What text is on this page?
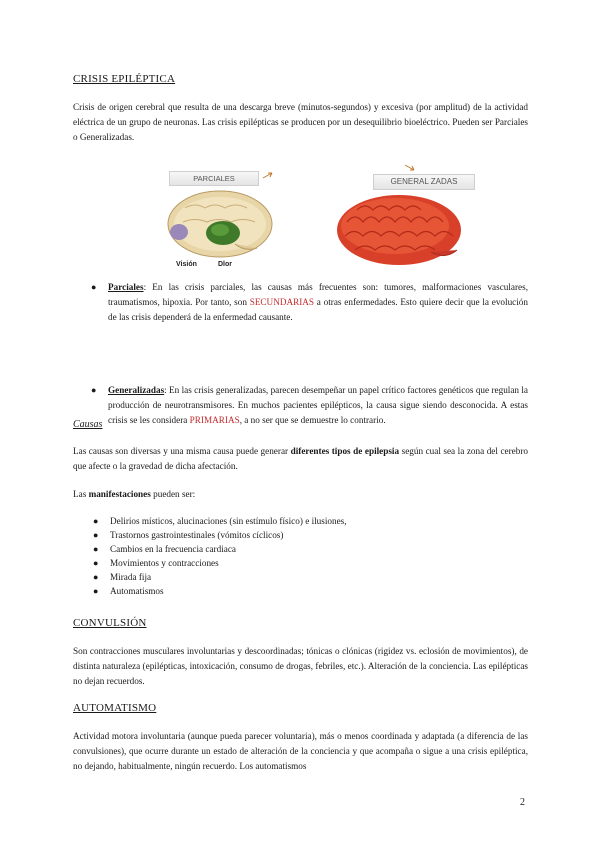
CRISIS EPILÉPTICA
Crisis de origen cerebral que resulta de una descarga breve (minutos-segundos) y excesiva (por amplitud) de la actividad eléctrica de un grupo de neuronas. Las crisis epilépticas se producen por un desequilibrio bioeléctrico. Pueden ser Parciales o Generalizadas.
PARCIALES
Visión	Dlor
GENERAL ZADAS
● Parciales: En las crisis parciales, las causas más frecuentes son: tumores, malformaciones vasculares, traumatismos, hipoxia. Por tanto, son SECUNDARIAS a otras enfermedades. Esto quiere decir que la evolución de las crisis dependerá de la enfermedad causante.
● Generalizadas: En las crisis generalizadas, parecen desempeñar un papel crítico factores genéticos que regulan la producción de neurotransmisores. En muchos pacientes epilépticos, la causa sigue siendo desconocida. A estas crisis se les considera PRIMARIAS, a no ser que se demuestre lo contrario.
Causas
Las causas son diversas y una misma causa puede generar diferentes tipos de epilepsia según cual sea la zona del cerebro que afecte o la gravedad de dicha afectación.
Las manifestaciones pueden ser:
● Delirios místicos, alucinaciones (sin estímulo físico) e ilusiones,
● Trastornos gastrointestinales (vómitos cíclicos)
● Cambios en la frecuencia cardiaca
● Movimientos y contracciones
● Mirada fija
● Automatismos
CONVULSIÓN
Son contracciones musculares involuntarias y descoordinadas; tónicas o clónicas (rigidez vs. eclosión de movimientos), de distinta naturaleza (epilépticas, intoxicación, consumo de drogas, febriles, etc.). Alteración de la conciencia. Las epilépticas no dejan recuerdos.
AUTOMATISMO
Actividad motora involuntaria (aunque pueda parecer voluntaria), más o menos coordinada y adaptada (a diferencia de las convulsiones), que ocurre durante un estado de alteración de la conciencia y que acompaña o sigue a una crisis epiléptica, no dejando, habitualmente, ningún recuerdo. Los automatismos
2
